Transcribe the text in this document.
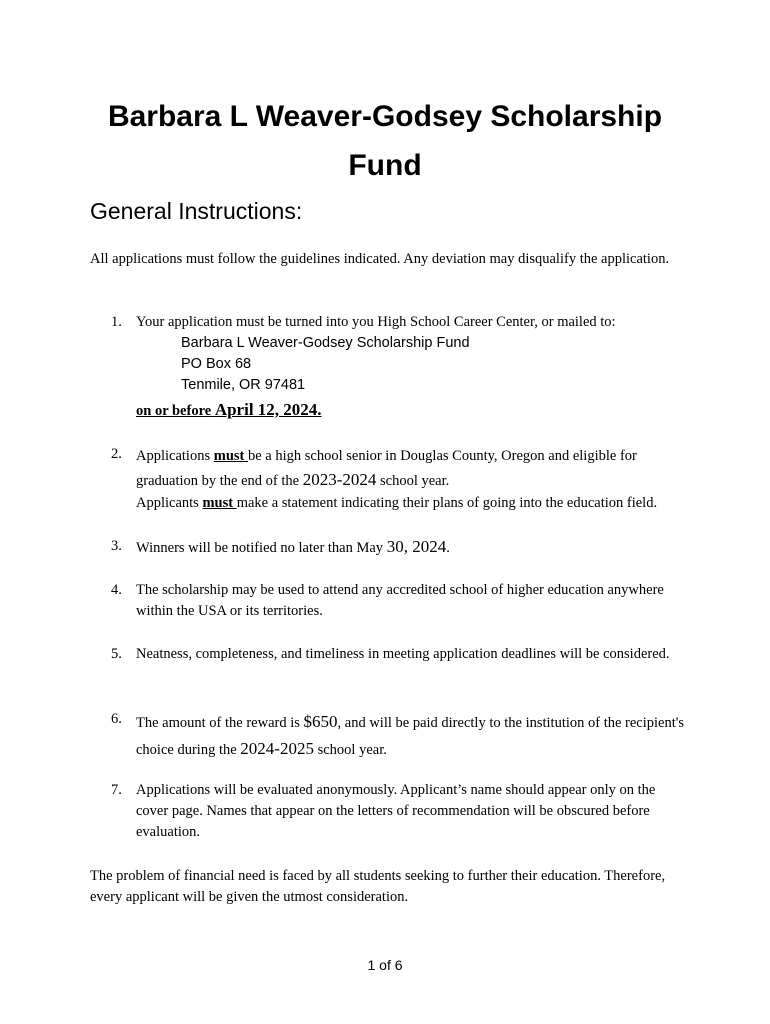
Barbara L Weaver-Godsey Scholarship
Fund
General Instructions:

All applications must follow the guidelines indicated. Any deviation may disqualify the application.

1. Your application must be turned into you High School Career Center, or mailed to:

Barbara L Weaver-Godsey Scholarship Fund
PO Box 68
Tenmile, OR 97481

on or before April 12, 2024.

2. Applications must be a high school senior in Douglas County, Oregon and eligible for graduation by the end of the 2023-2024 school year.

Applicants must make a statement indicating their plans of going into the education field.

3. Winners will be notified no later than May 30, 2024.

4. The scholarship may be used to attend any accredited school of higher education anywhere within the USA or its territories.

5. Neatness, completeness, and timeliness in meeting application deadlines will be considered.

6. The amount of the reward is $650, and will be paid directly to the institution of the recipient's choice during the 2024-2025 school year.

7. Applications will be evaluated anonymously. Applicant’s name should appear only on the cover page. Names that appear on the letters of recommendation will be obscured before evaluation.

The problem of financial need is faced by all students seeking to further their education. Therefore, every applicant will be given the utmost consideration.

1 of 6
